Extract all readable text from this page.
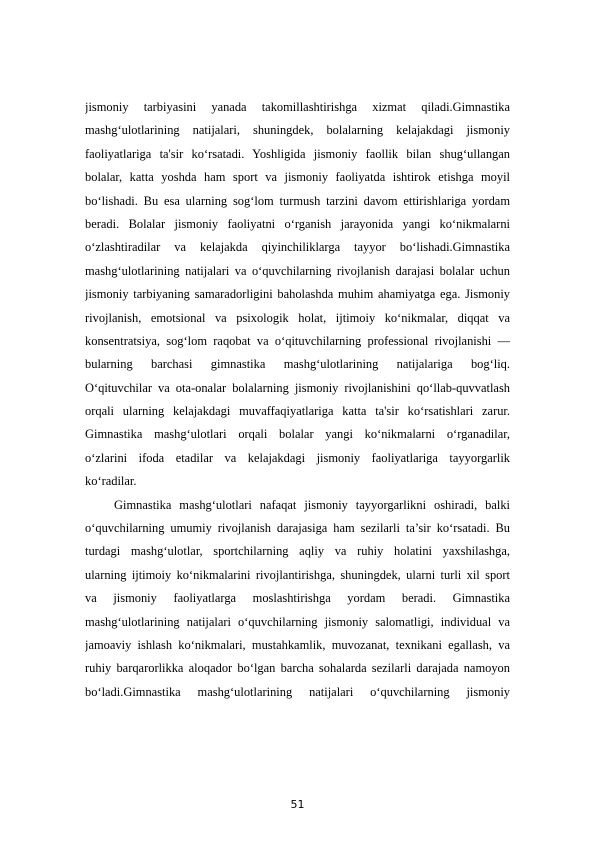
jismoniy tarbiyasini yanada takomillashtirishga xizmat qiladi.Gimnastika
mashg‘ulotlarining natijalari, shuningdek, bolalarning kelajakdagi jismoniy
faoliyatlariga ta'sir ko‘rsatadi. Yoshligida jismoniy faollik bilan shug‘ullangan
bolalar, katta yoshda ham sport va jismoniy faoliyatda ishtirok etishga moyil
bo‘lishadi. Bu esa ularning sog‘lom turmush tarzini davom ettirishlariga yordam
beradi. Bolalar jismoniy faoliyatni o‘rganish jarayonida yangi ko‘nikmalarni
o‘zlashtiradilar va kelajakda qiyinchiliklarga tayyor bo‘lishadi.Gimnastika
mashg‘ulotlarining natijalari va o‘quvchilarning rivojlanish darajasi bolalar uchun
jismoniy tarbiyaning samaradorligini baholashda muhim ahamiyatga ega. Jismoniy
rivojlanish, emotsional va psixologik holat, ijtimoiy ko‘nikmalar, diqqat va
konsentratsiya, sog‘lom raqobat va o‘qituvchilarning professional rivojlanishi —
bularning barchasi gimnastika mashg‘ulotlarining natijalariga bog‘liq.
O‘qituvchilar va ota-onalar bolalarning jismoniy rivojlanishini qo‘llab-quvvatlash
orqali ularning kelajakdagi muvaffaqiyatlariga katta ta'sir ko‘rsatishlari zarur.
Gimnastika mashg‘ulotlari orqali bolalar yangi ko‘nikmalarni o‘rganadilar,
o‘zlarini ifoda etadilar va kelajakdagi jismoniy faoliyatlariga tayyorgarlik
ko‘radilar.
Gimnastika mashg‘ulotlari nafaqat jismoniy tayyorgarlikni oshiradi, balki
o‘quvchilarning umumiy rivojlanish darajasiga ham sezilarli ta’sir ko‘rsatadi. Bu
turdagi mashg‘ulotlar, sportchilarning aqliy va ruhiy holatini yaxshilashga,
ularning ijtimoiy ko‘nikmalarini rivojlantirishga, shuningdek, ularni turli xil sport
va jismoniy faoliyatlarga moslashtirishga yordam beradi. Gimnastika
mashg‘ulotlarining natijalari o‘quvchilarning jismoniy salomatligi, individual va
jamoaviy ishlash ko‘nikmalari, mustahkamlik, muvozanat, texnikani egallash, va
ruhiy barqarorlikka aloqador bo‘lgan barcha sohalarda sezilarli darajada namoyon
bo‘ladi.Gimnastika mashg‘ulotlarining natijalari o‘quvchilarning jismoniy
51
